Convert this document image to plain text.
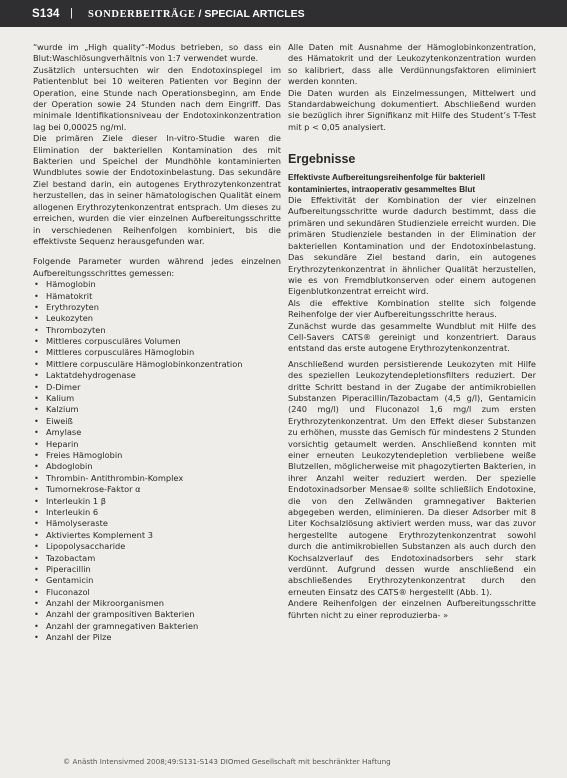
S134 | SONDERBEITRÄGE / SPECIAL ARTICLES

“wurde im „High quality“-Modus betrieben, so dass ein Blut:Waschlösungverhältnis von 1:7 verwendet wurde.

Zusätzlich untersuchten wir den Endotoxinspiegel im Patientenblut bei 10 weiteren Patienten vor Beginn der Operation, eine Stunde nach Operationsbeginn, am Ende der Operation sowie 24 Stunden nach dem Eingriff. Das minimale Identifikationsniveau der Endotoxinkonzentration lag bei 0,00025 ng/ml.

Die primären Ziele dieser In-vitro-Studie waren die Elimination der bakteriellen Kontamination des mit Bakterien und Speichel der Mundhöhle kontaminierten Wundblutes sowie der Endotoxinbelastung. Das sekundäre Ziel bestand darin, ein autogenes Erythrozytenkonzentrat herzustellen, das in seiner hämatologischen Qualität einem allogenen Erythrozytenkonzentrat entsprach. Um dieses zu erreichen, wurden die vier einzelnen Aufbereitungsschritte in verschiedenen Reihenfolgen kombiniert, bis die effektivste Sequenz herausgefunden war.

Folgende Parameter wurden während jedes einzelnen Aufbereitungsschrittes gemessen:

• Hämoglobin
• Hämatokrit
• Erythrozyten
• Leukozyten
• Thrombozyten
• Mittleres corpusculäres Volumen
• Mittleres corpusculäres Hämoglobin
• Mittlere corpusculäre Hämoglobinkonzentration
• Laktatdehydrogenase
• D-Dimer
• Kalium
• Kalzium
• Eiweiß
• Amylase
• Heparin
• Freies Hämoglobin
• Abdoglobin
• Thrombin- Antithrombin-Komplex
• Tumornekrose-Faktor α
• Interleukin 1 β
• Interleukin 6
• Hämolyseraste
• Aktiviertes Komplement 3
• Lipopolysaccharide
• Tazobactam
• Piperacillin
• Gentamicin
• Fluconazol
• Anzahl der Mikroorganismen
• Anzahl der grampositiven Bakterien
• Anzahl der gramnegativen Bakterien
• Anzahl der Pilze

Alle Daten mit Ausnahme der Hämoglobinkonzentration, des Hämatokrit und der Leukozytenkonzentration wurden so kalibriert, dass alle Verdünnungsfaktoren eliminiert werden konnten.

Die Daten wurden als Einzelmessungen, Mittelwert und Standardabweichung dokumentiert. Abschließend wurden sie bezüglich ihrer Signifikanz mit Hilfe des Student’s T-Test mit p < 0,05 analysiert.

Ergebnisse
Effektivste Aufbereitungsreihenfolge für bakteriell kontaminiertes, intraoperativ gesammeltes Blut

Die Effektivität der Kombination der vier einzelnen Aufbereitungsschritte wurde dadurch bestimmt, dass die primären und sekundären Studienziele erreicht wurden. Die primären Studienziele bestanden in der Elimination der bakteriellen Kontamination und der Endotoxinbelastung. Das sekundäre Ziel bestand darin, ein autogenes Erythrozytenkonzentrat in ähnlicher Qualität herzustellen, wie es von Fremdblutkonserven oder einem autogenen Eigenblutkonzentrat erreicht wird.

Als die effektive Kombination stellte sich folgende Reihenfolge der vier Aufbereitungsschritte heraus.

Zunächst wurde das gesammelte Wundblut mit Hilfe des Cell-Savers CATS® gereinigt und konzentriert. Daraus entstand das erste autogene Erythrozytenkonzentrat.

Anschließend wurden persistierende Leukozyten mit Hilfe des speziellen Leukozytendepletionsfilters reduziert. Der dritte Schritt bestand in der Zugabe der antimikrobiellen Substanzen Piperacillin/Tazobactam (4,5 g/l), Gentamicin (240 mg/l) und Fluconazol 1,6 mg/l zum ersten Erythrozytenkonzentrat. Um den Effekt dieser Substanzen zu erhöhen, musste das Gemisch für mindestens 2 Stunden vorsichtig getaumelt werden. Anschließend konnten mit einer erneuten Leukozytendepletion verbliebene weiße Blutzellen, möglicherweise mit phagozytierten Bakterien, in ihrer Anzahl weiter reduziert werden. Der spezielle Endotoxinadsorber Mensae® sollte schließlich Endotoxine, die von den Zellwänden gramnegativer Bakterien abgegeben werden, eliminieren. Da dieser Adsorber mit 8 Liter Kochsalzlösung aktiviert werden muss, war das zuvor hergestellte autogene Erythrozytenkonzentrat sowohl durch die antimikrobiellen Substanzen als auch durch den Kochsalzverlauf des Endotoxinadsorbers sehr stark verdünnt. Aufgrund dessen wurde anschließend ein abschließendes Erythrozytenkonzentrat durch den erneuten Einsatz des CATS® hergestellt (Abb. 1).

Andere Reihenfolgen der einzelnen Aufbereitungsschritte führten nicht zu einer reproduzierba- »

© Anästh Intensivmed 2008;49:S131-S143 DIOmed Gesellschaft mit beschränkter Haftung
